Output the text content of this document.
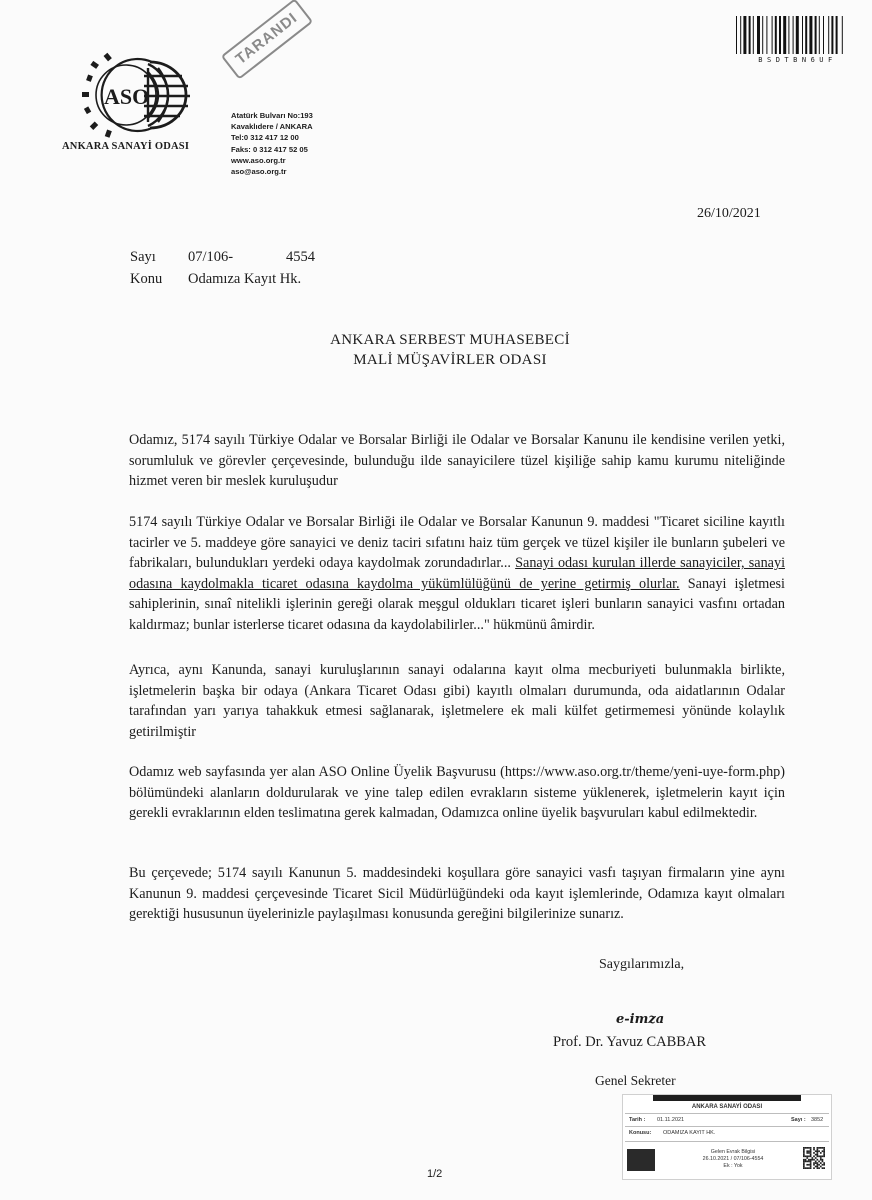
ASO
ANKARA SANAYİ ODASI
TARANDI
Atatürk Bulvarı No:193
Kavaklıdere / ANKARA
Tel:0 312 417 12 00
Faks: 0 312 417 52 05
www.aso.org.tr
aso@aso.org.tr
BSDTBN6UF
26/10/2021
Sayı	07/106-	4554
Konu	Odamıza Kayıt Hk.
ANKARA SERBEST MUHASEBECİ
MALİ MÜŞAVİRLER ODASI

Odamız, 5174 sayılı Türkiye Odalar ve Borsalar Birliği ile Odalar ve Borsalar Kanunu ile kendisine verilen yetki, sorumluluk ve görevler çerçevesinde, bulunduğu ilde sanayicilere tüzel kişiliğe sahip kamu kurumu niteliğinde hizmet veren bir meslek kuruluşudur

5174 sayılı Türkiye Odalar ve Borsalar Birliği ile Odalar ve Borsalar Kanunun 9. maddesi "Ticaret siciline kayıtlı tacirler ve 5. maddeye göre sanayici ve deniz taciri sıfatını haiz tüm gerçek ve tüzel kişiler ile bunların şubeleri ve fabrikaları, bulundukları yerdeki odaya kaydolmak zorundadırlar... Sanayi odası kurulan illerde sanayiciler, sanayi odasına kaydolmakla ticaret odasına kaydolma yükümlülüğünü de yerine getirmiş olurlar. Sanayi işletmesi sahiplerinin, sınaî nitelikli işlerinin gereği olarak meşgul oldukları ticaret işleri bunların sanayici vasfını ortadan kaldırmaz; bunlar isterlerse ticaret odasına da kaydolabilirler..." hükmünü âmirdir.

Ayrıca, aynı Kanunda, sanayi kuruluşlarının sanayi odalarına kayıt olma mecburiyeti bulunmakla birlikte, işletmelerin başka bir odaya (Ankara Ticaret Odası gibi) kayıtlı olmaları durumunda, oda aidatlarının Odalar tarafından yarı yarıya tahakkuk etmesi sağlanarak, işletmelere ek mali külfet getirmemesi yönünde kolaylık getirilmiştir

Odamız web sayfasında yer alan ASO Online Üyelik Başvurusu (https://www.aso.org.tr/theme/yeni-uye-form.php) bölümündeki alanların doldurularak ve yine talep edilen evrakların sisteme yüklenerek, işletmelerin kayıt için gerekli evraklarının elden teslimatına gerek kalmadan, Odamızca online üyelik başvuruları kabul edilmektedir.

Bu çerçevede; 5174 sayılı Kanunun 5. maddesindeki koşullara göre sanayici vasfı taşıyan firmaların yine aynı Kanunun 9. maddesi çerçevesinde Ticaret Sicil Müdürlüğündeki oda kayıt işlemlerinde, Odamıza kayıt olmaları gerektiği hususunun üyelerinizle paylaşılması konusunda gereğini bilgilerinize sunarız.

Saygılarımızla,
e-imza
Prof. Dr. Yavuz CABBAR
Genel Sekreter
1/2
ANKARA SANAYİ ODASI
Tarih : 01.11.2021	Sayı : 3852
Konusu: ODAMIZA KAYIT HK.
Gelen Evrak Bilgisi
26.10.2021 / 07/106-4554
Ek : Yok
